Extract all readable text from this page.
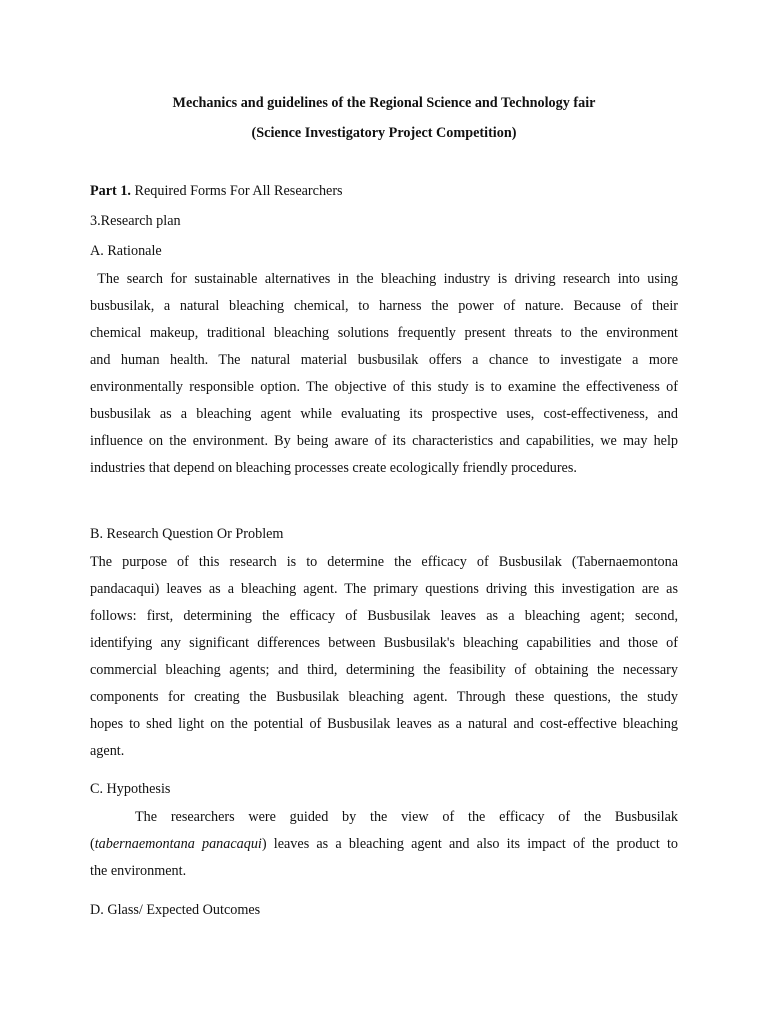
Mechanics and guidelines of the Regional Science and Technology fair
(Science Investigatory Project Competition)
Part 1. Required Forms For All Researchers
3.Research plan
A. Rationale
The search for sustainable alternatives in the bleaching industry is driving research into using
busbusilak, a natural bleaching chemical, to harness the power of nature. Because of their
chemical makeup, traditional bleaching solutions frequently present threats to the environment
and human health. The natural material busbusilak offers a chance to investigate a more
environmentally responsible option. The objective of this study is to examine the effectiveness of
busbusilak as a bleaching agent while evaluating its prospective uses, cost-effectiveness, and
influence on the environment. By being aware of its characteristics and capabilities, we may help
industries that depend on bleaching processes create ecologically friendly procedures.
B. Research Question Or Problem
The purpose of this research is to determine the efficacy of Busbusilak (Tabernaemontona
pandacaqui) leaves as a bleaching agent. The primary questions driving this investigation are as
follows: first, determining the efficacy of Busbusilak leaves as a bleaching agent; second,
identifying any significant differences between Busbusilak's bleaching capabilities and those of
commercial bleaching agents; and third, determining the feasibility of obtaining the necessary
components for creating the Busbusilak bleaching agent. Through these questions, the study
hopes to shed light on the potential of Busbusilak leaves as a natural and cost-effective bleaching
agent.
C. Hypothesis
The researchers were guided by the view of the efficacy of the Busbusilak
(tabernaemontana panacaqui) leaves as a bleaching agent and also its impact of the product to
the environment.
D. Glass/ Expected Outcomes
